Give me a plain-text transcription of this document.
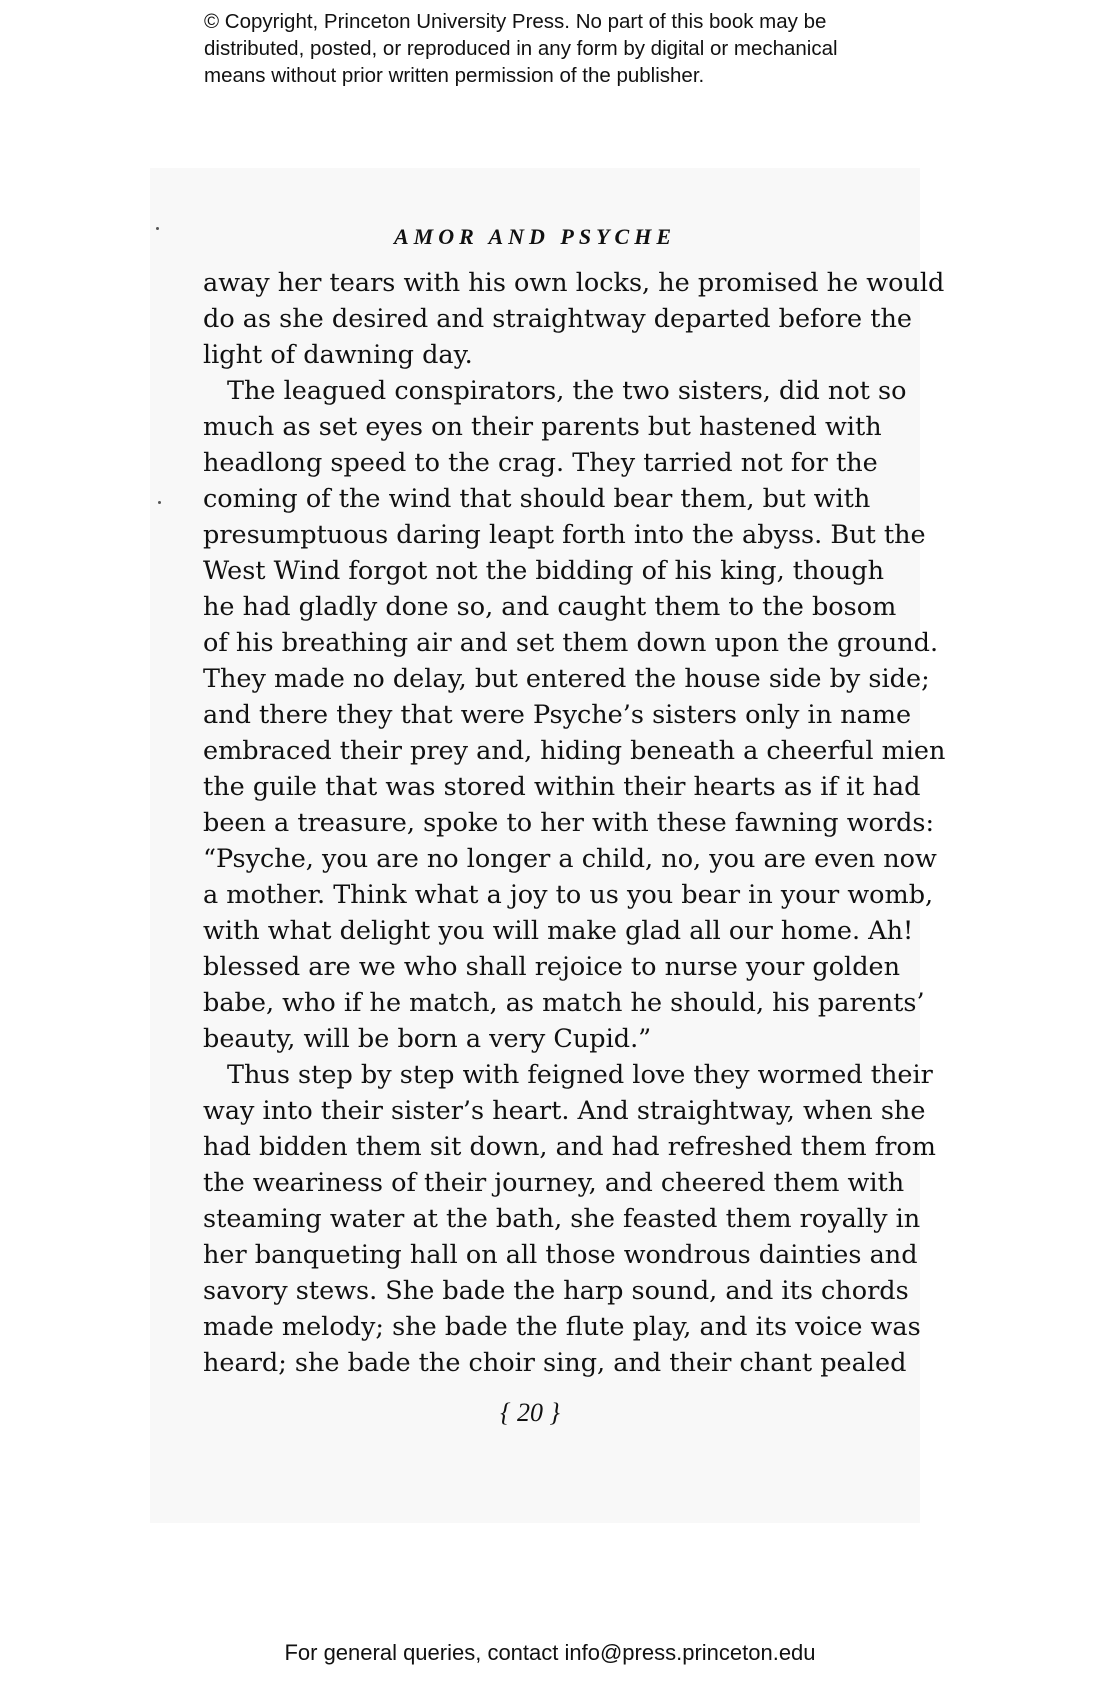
© Copyright, Princeton University Press. No part of this book may be
distributed, posted, or reproduced in any form by digital or mechanical
means without prior written permission of the publisher.
AMOR AND PSYCHE
away her tears with his own locks, he promised he would
do as she desired and straightway departed before the
light of dawning day.
The leagued conspirators, the two sisters, did not so
much as set eyes on their parents but hastened with
headlong speed to the crag. They tarried not for the
coming of the wind that should bear them, but with
presumptuous daring leapt forth into the abyss. But the
West Wind forgot not the bidding of his king, though
he had gladly done so, and caught them to the bosom
of his breathing air and set them down upon the ground.
They made no delay, but entered the house side by side;
and there they that were Psyche’s sisters only in name
embraced their prey and, hiding beneath a cheerful mien
the guile that was stored within their hearts as if it had
been a treasure, spoke to her with these fawning words:
“Psyche, you are no longer a child, no, you are even now
a mother. Think what a joy to us you bear in your womb,
with what delight you will make glad all our home. Ah!
blessed are we who shall rejoice to nurse your golden
babe, who if he match, as match he should, his parents’
beauty, will be born a very Cupid.”
Thus step by step with feigned love they wormed their
way into their sister’s heart. And straightway, when she
had bidden them sit down, and had refreshed them from
the weariness of their journey, and cheered them with
steaming water at the bath, she feasted them royally in
her banqueting hall on all those wondrous dainties and
savory stews. She bade the harp sound, and its chords
made melody; she bade the flute play, and its voice was
heard; she bade the choir sing, and their chant pealed
{ 20 }
For general queries, contact info@press.princeton.edu
